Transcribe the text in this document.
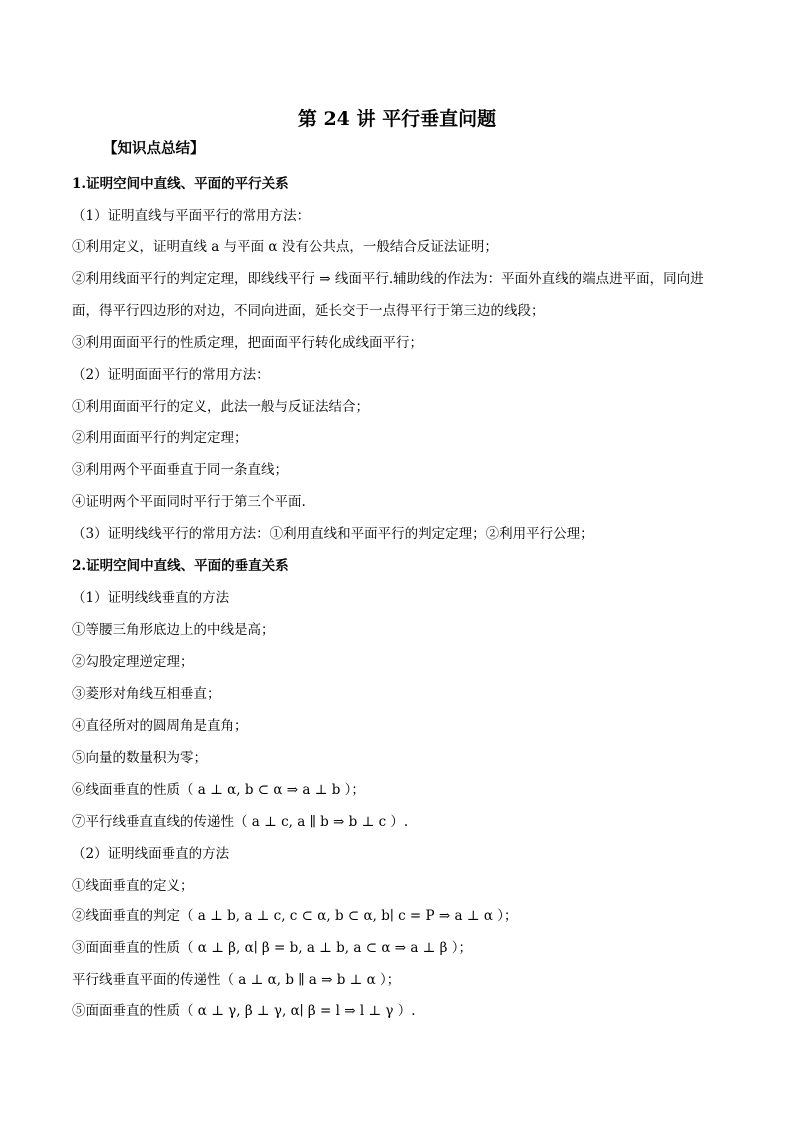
第 24 讲 平行垂直问题
【知识点总结】
1.证明空间中直线、平面的平行关系
（1）证明直线与平面平行的常用方法：
①利用定义，证明直线 a 与平面 α 没有公共点，一般结合反证法证明；
②利用线面平行的判定定理，即线线平行 ⇒ 线面平行.辅助线的作法为：平面外直线的端点进平面，同向进
面，得平行四边形的对边，不同向进面，延长交于一点得平行于第三边的线段；
③利用面面平行的性质定理，把面面平行转化成线面平行；
（2）证明面面平行的常用方法：
①利用面面平行的定义，此法一般与反证法结合；
②利用面面平行的判定定理；
③利用两个平面垂直于同一条直线；
④证明两个平面同时平行于第三个平面.
（3）证明线线平行的常用方法：①利用直线和平面平行的判定定理；②利用平行公理；
2.证明空间中直线、平面的垂直关系
（1）证明线线垂直的方法
①等腰三角形底边上的中线是高；
②勾股定理逆定理；
③菱形对角线互相垂直；
④直径所对的圆周角是直角；
⑤向量的数量积为零；
⑥线面垂直的性质（ a ⊥ α, b ⊂ α ⇒ a ⊥ b ）；
⑦平行线垂直直线的传递性（ a ⊥ c, a ∥ b ⇒ b ⊥ c ）.
（2）证明线面垂直的方法
①线面垂直的定义；
②线面垂直的判定（ a ⊥ b, a ⊥ c, c ⊂ α, b ⊂ α, b∣ c = P ⇒ a ⊥ α ）；
③面面垂直的性质（ α ⊥ β, α∣ β = b, a ⊥ b, a ⊂ α ⇒ a ⊥ β ）；
平行线垂直平面的传递性（ a ⊥ α, b ∥ a ⇒ b ⊥ α ）；
⑤面面垂直的性质（ α ⊥ γ, β ⊥ γ, α∣ β = l ⇒ l ⊥ γ ）.
